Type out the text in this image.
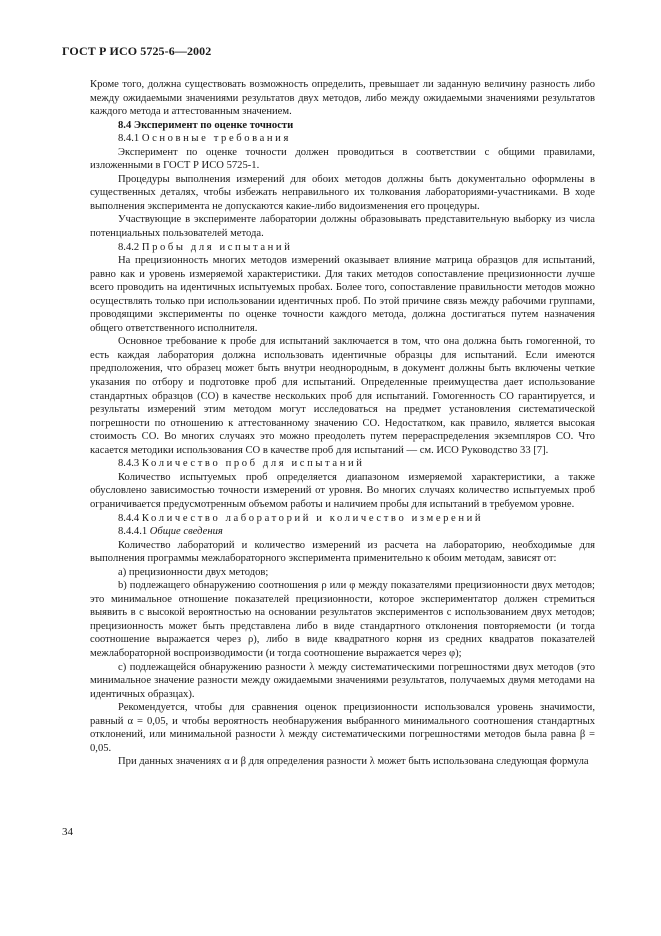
ГОСТ Р ИСО 5725-6—2002

Кроме того, должна существовать возможность определить, превышает ли заданную величину разность либо между ожидаемыми значениями результатов двух методов, либо между ожидаемыми значениями результатов каждого метода и аттестованным значением.

8.4 Эксперимент по оценке точности

8.4.1 Основные требования

Эксперимент по оценке точности должен проводиться в соответствии с общими правилами, изложенными в ГОСТ Р ИСО 5725-1.

Процедуры выполнения измерений для обоих методов должны быть документально оформлены в существенных деталях, чтобы избежать неправильного их толкования лабораториями-участниками. В ходе выполнения эксперимента не допускаются какие-либо видоизменения его процедуры.

Участвующие в эксперименте лаборатории должны образовывать представительную выборку из числа потенциальных пользователей метода.

8.4.2 Пробы для испытаний

На прецизионность многих методов измерений оказывает влияние матрица образцов для испытаний, равно как и уровень измеряемой характеристики. Для таких методов сопоставление прецизионности лучше всего проводить на идентичных испытуемых пробах. Более того, сопоставление правильности методов можно осуществлять только при использовании идентичных проб. По этой причине связь между рабочими группами, проводящими эксперименты по оценке точности каждого метода, должна достигаться путем назначения общего ответственного исполнителя.

Основное требование к пробе для испытаний заключается в том, что она должна быть гомогенной, то есть каждая лаборатория должна использовать идентичные образцы для испытаний. Если имеются предположения, что образец может быть внутри неоднородным, в документ должны быть включены четкие указания по отбору и подготовке проб для испытаний. Определенные преимущества дает использование стандартных образцов (СО) в качестве нескольких проб для испытаний. Гомогенность СО гарантируется, и результаты измерений этим методом могут исследоваться на предмет установления систематической погрешности по отношению к аттестованному значению СО. Недостатком, как правило, является высокая стоимость СО. Во многих случаях это можно преодолеть путем перераспределения экземпляров СО. Что касается методики использования СО в качестве проб для испытаний — см. ИСО Руководство 33 [7].

8.4.3 Количество проб для испытаний

Количество испытуемых проб определяется диапазоном измеряемой характеристики, а также обусловлено зависимостью точности измерений от уровня. Во многих случаях количество испытуемых проб ограничивается предусмотренным объемом работы и наличием пробы для испытаний в требуемом уровне.

8.4.4 Количество лабораторий и количество измерений

8.4.4.1 Общие сведения

Количество лабораторий и количество измерений из расчета на лабораторию, необходимые для выполнения программы межлабораторного эксперимента применительно к обоим методам, зависят от:

a) прецизионности двух методов;

b) подлежащего обнаружению соотношения ρ или φ между показателями прецизионности двух методов; это минимальное отношение показателей прецизионности, которое экспериментатор должен стремиться выявить в с высокой вероятностью на основании результатов экспериментов с использованием двух методов; прецизионность может быть представлена либо в виде стандартного отклонения повторяемости (и тогда соотношение выражается через ρ), либо в виде квадратного корня из средних квадратов показателей межлабораторной воспроизводимости (и тогда соотношение выражается через φ);

c) подлежащейся обнаружению разности λ между систематическими погрешностями двух методов (это минимальное значение разности между ожидаемыми значениями результатов, получаемых двумя методами на идентичных образцах).

Рекомендуется, чтобы для сравнения оценок прецизионности использовался уровень значимости, равный α = 0,05, и чтобы вероятность необнаружения выбранного минимального соотношения стандартных отклонений, или минимальной разности λ между систематическими погрешностями методов была равна β = 0,05.

При данных значениях α и β для определения разности λ может быть использована следующая формула

34
